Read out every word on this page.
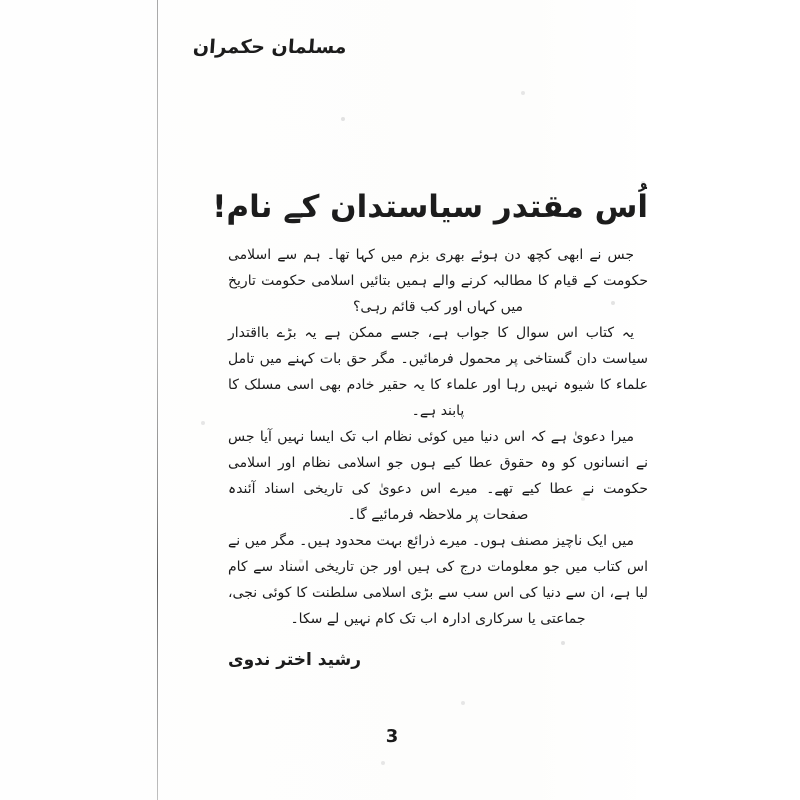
مسلمان حکمران
اُس مقتدر سیاستدان کے نام!

جس نے ابھی کچھ دن ہوئے بھری بزم میں کہا تھا۔ ہم سے اسلامی حکومت کے قیام کا مطالبہ کرنے والے ہمیں بتائیں اسلامی حکومت تاریخ میں کہاں اور کب قائم رہی؟

یہ کتاب اس سوال کا جواب ہے، جسے ممکن ہے یہ بڑے بااقتدار سیاست دان گستاخی پر محمول فرمائیں۔ مگر حق بات کہنے میں تامل علماء کا شیوہ نہیں رہا اور علماء کا یہ حقیر خادم بھی اسی مسلک کا پابند ہے۔

میرا دعویٰ ہے کہ اس دنیا میں کوئی نظام اب تک ایسا نہیں آیا جس نے انسانوں کو وہ حقوق عطا کیے ہوں جو اسلامی نظام اور اسلامی حکومت نے عطا کیے تھے۔ میرے اس دعویٰ کی تاریخی اسناد آئندہ صفحات پر ملاحظہ فرمائیے گا۔

میں ایک ناچیز مصنف ہوں۔ میرے ذرائع بہت محدود ہیں۔ مگر میں نے اس کتاب میں جو معلومات درج کی ہیں اور جن تاریخی اسناد سے کام لیا ہے، ان سے دنیا کی اس سب سے بڑی اسلامی سلطنت کا کوئی نجی، جماعتی یا سرکاری ادارہ اب تک کام نہیں لے سکا۔

رشید اختر ندوی
3
